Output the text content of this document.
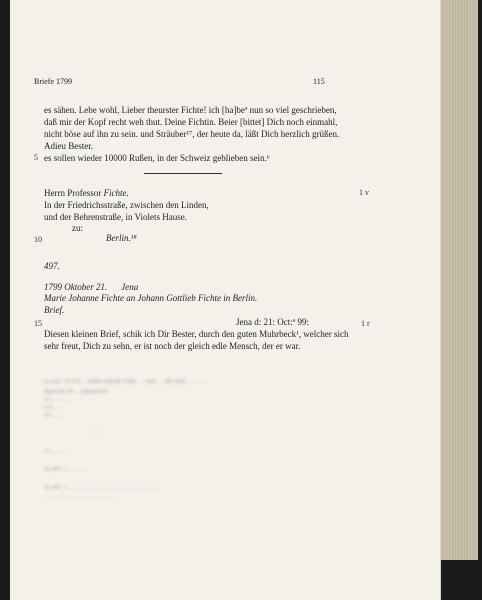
Briefe 1799	115
es sähen. Lebe wohl, Lieber theurster Fichte! ich [ha]beª nun so viel geschrieben,
daß mir der Kopf recht weh thut. Deine Fichtin. Beier [bittet] Dich noch einmahl,
nicht böse auf ihn zu sein. und Sträuber¹⁷, der heute da, läßt Dich herzlich grüßen.
Adieu Bester.
5 es sollen wieder 10000 Rußen, in der Schweiz geblieben sein.ᵇ
Herrn Professor Fichte.	1 v
In der Friedrichsstraße, zwischen den Linden,
und der Behrenstraße, in Violets Hause.
zu:
10	Berlin.¹⁸
497.
1799 Oktober 21. Jena
Marie Johanne Fichte an Johann Gottlieb Fichte in Berlin.
Brief.
15	Jena d: 21: Oct:ª 99:	1 r
Diesen kleinen Brief, schik ich Dir Bester, durch den guten Muhrbeck¹, welcher sich
sehr freut, Dich zu sehn, er ist noch der gleich edle Mensch, der er war.
a Lesb.: ist H b ... lesbar und die Ziffer ... Anm. ... die Zahl... ... ... ...
Bnds der Hs ... unleserlich
1-2 ... ... ...
3-4 ... ...
10 ... ...
...
...
17 ... ... ...
Zu 497. 1 ... ... ...
Zu 497. 1 ... ... ... ... ... ... ... ... ... ... ... ... ... ... ...
... ... ... ... ... ... ... ... ... ... ... ...
